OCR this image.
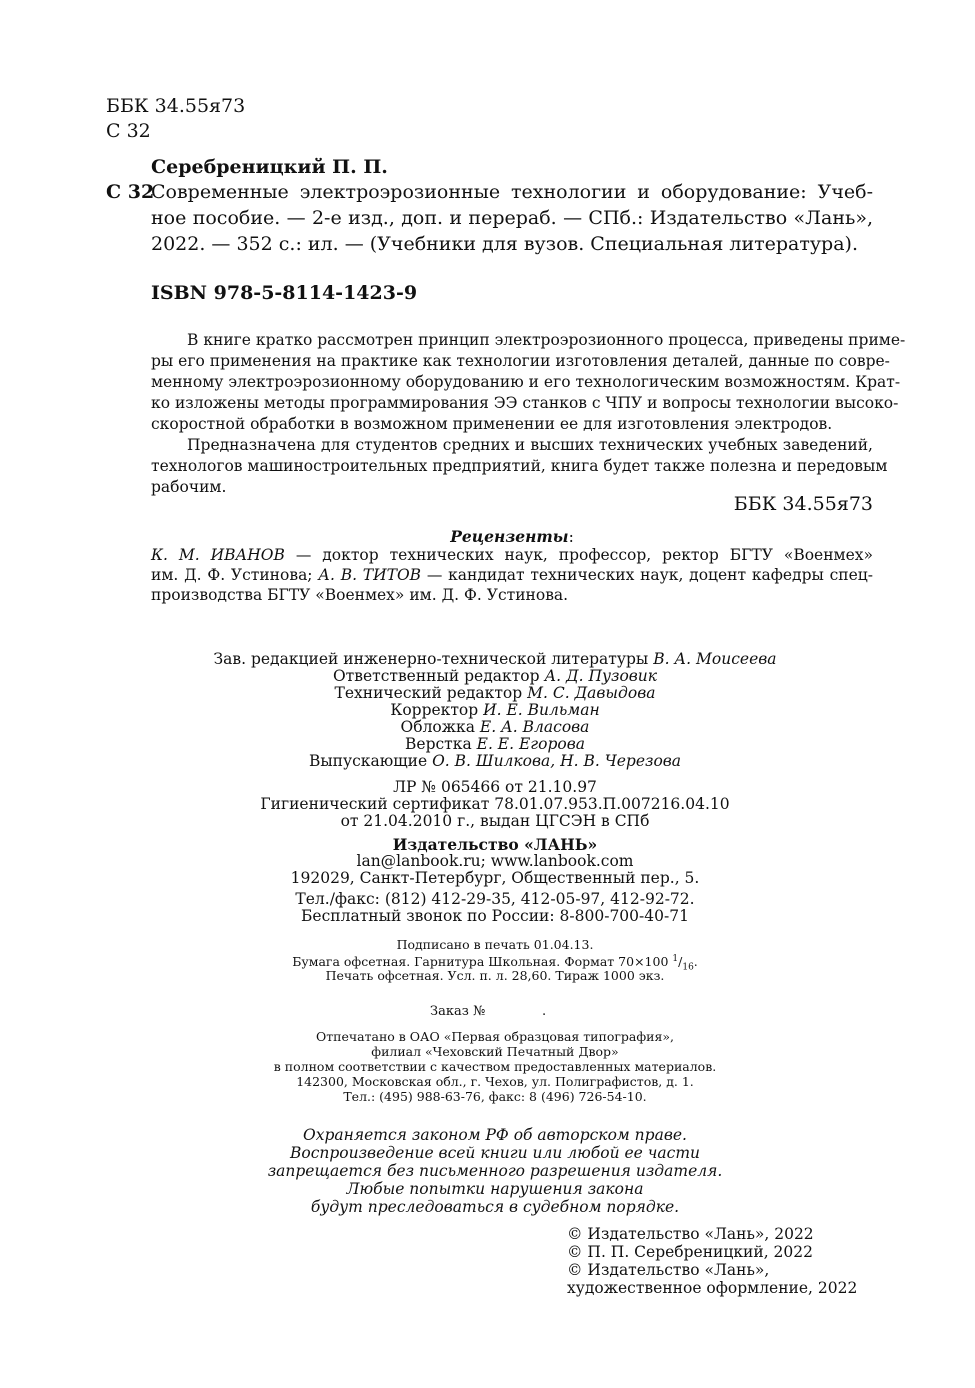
ББК 34.55я73
С 32
Серебреницкий П. П.
С 32
Современные электроэрозионные технологии и оборудование: Учеб-
ное пособие. — 2-е изд., доп. и перераб. — СПб.: Издательство «Лань»,
2022. — 352 с.: ил. — (Учебники для вузов. Специальная литература).
ISBN 978-5-8114-1423-9
В книге кратко рассмотрен принцип электроэрозионного процесса, приведены приме-
ры его применения на практике как технологии изготовления деталей, данные по совре-
менному электроэрозионному оборудованию и его технологическим возможностям. Крат-
ко изложены методы программирования ЭЭ станков с ЧПУ и вопросы технологии высоко-
скоростной обработки в возможном применении ее для изготовления электродов.
Предназначена для студентов средних и высших технических учебных заведений,
технологов машиностроительных предприятий, книга будет также полезна и передовым
рабочим.
ББК 34.55я73
Рецензенты:
К. М. ИВАНОВ — доктор технических наук, профессор, ректор БГТУ «Военмех»
им. Д. Ф. Устинова; А. В. ТИТОВ — кандидат технических наук, доцент кафедры спец-
производства БГТУ «Военмех» им. Д. Ф. Устинова.
Зав. редакцией инженерно-технической литературы В. А. Моисеева
Ответственный редактор А. Д. Пузовик
Технический редактор М. С. Давыдова
Корректор И. Е. Вильман
Обложка Е. А. Власова
Верстка Е. Е. Егорова
Выпускающие О. В. Шилкова, Н. В. Черезова
ЛР № 065466 от 21.10.97
Гигиенический сертификат 78.01.07.953.П.007216.04.10
от 21.04.2010 г., выдан ЦГСЭН в СПб
Издательство «ЛАНЬ»
lan@lanbook.ru; www.lanbook.com
192029, Санкт-Петербург, Общественный пер., 5.
Тел./факс: (812) 412-29-35, 412-05-97, 412-92-72.
Бесплатный звонок по России: 8-800-700-40-71
Подписано в печать 01.04.13.
Бумага офсетная. Гарнитура Школьная. Формат 70×100 $^1/_{16}$.
Печать офсетная. Усл. п. л. 28,60. Тираж 1000 экз.
Заказ №	.
Отпечатано в ОАО «Первая образцовая типография»,
филиал «Чеховский Печатный Двор»
в полном соответствии с качеством предоставленных материалов.
142300, Московская обл., г. Чехов, ул. Полиграфистов, д. 1.
Тел.: (495) 988-63-76, факс: 8 (496) 726-54-10.
Охраняется законом РФ об авторском праве.
Воспроизведение всей книги или любой ее части
запрещается без письменного разрешения издателя.
Любые попытки нарушения закона
будут преследоваться в судебном порядке.
© Издательство «Лань», 2022
© П. П. Серебреницкий, 2022
© Издательство «Лань»,
художественное оформление, 2022
